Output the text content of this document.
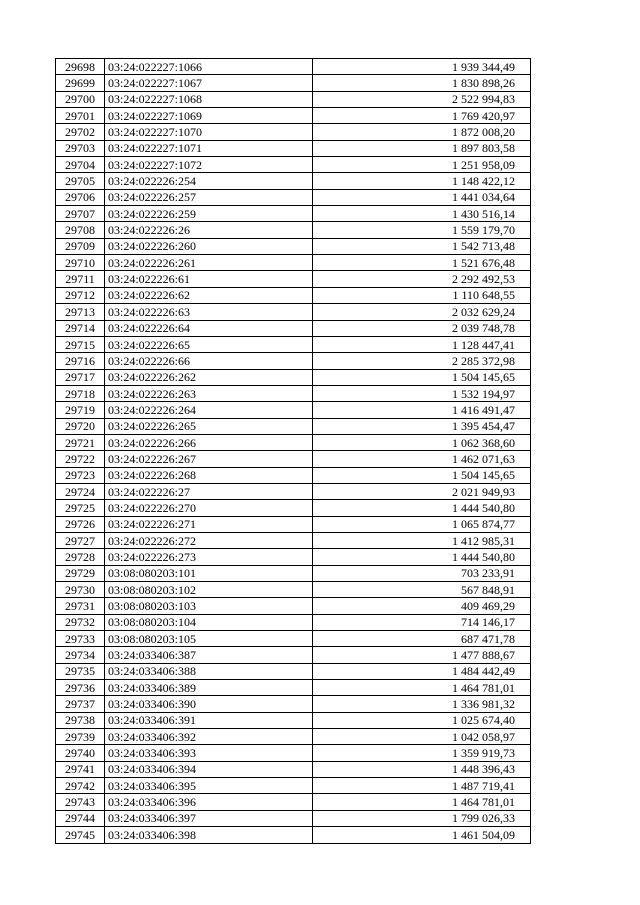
29698	03:24:022227:1066	1 939 344,49
29699	03:24:022227:1067	1 830 898,26
29700	03:24:022227:1068	2 522 994,83
29701	03:24:022227:1069	1 769 420,97
29702	03:24:022227:1070	1 872 008,20
29703	03:24:022227:1071	1 897 803,58
29704	03:24:022227:1072	1 251 958,09
29705	03:24:022226:254	1 148 422,12
29706	03:24:022226:257	1 441 034,64
29707	03:24:022226:259	1 430 516,14
29708	03:24:022226:26	1 559 179,70
29709	03:24:022226:260	1 542 713,48
29710	03:24:022226:261	1 521 676,48
29711	03:24:022226:61	2 292 492,53
29712	03:24:022226:62	1 110 648,55
29713	03:24:022226:63	2 032 629,24
29714	03:24:022226:64	2 039 748,78
29715	03:24:022226:65	1 128 447,41
29716	03:24:022226:66	2 285 372,98
29717	03:24:022226:262	1 504 145,65
29718	03:24:022226:263	1 532 194,97
29719	03:24:022226:264	1 416 491,47
29720	03:24:022226:265	1 395 454,47
29721	03:24:022226:266	1 062 368,60
29722	03:24:022226:267	1 462 071,63
29723	03:24:022226:268	1 504 145,65
29724	03:24:022226:27	2 021 949,93
29725	03:24:022226:270	1 444 540,80
29726	03:24:022226:271	1 065 874,77
29727	03:24:022226:272	1 412 985,31
29728	03:24:022226:273	1 444 540,80
29729	03:08:080203:101	703 233,91
29730	03:08:080203:102	567 848,91
29731	03:08:080203:103	409 469,29
29732	03:08:080203:104	714 146,17
29733	03:08:080203:105	687 471,78
29734	03:24:033406:387	1 477 888,67
29735	03:24:033406:388	1 484 442,49
29736	03:24:033406:389	1 464 781,01
29737	03:24:033406:390	1 336 981,32
29738	03:24:033406:391	1 025 674,40
29739	03:24:033406:392	1 042 058,97
29740	03:24:033406:393	1 359 919,73
29741	03:24:033406:394	1 448 396,43
29742	03:24:033406:395	1 487 719,41
29743	03:24:033406:396	1 464 781,01
29744	03:24:033406:397	1 799 026,33
29745	03:24:033406:398	1 461 504,09
